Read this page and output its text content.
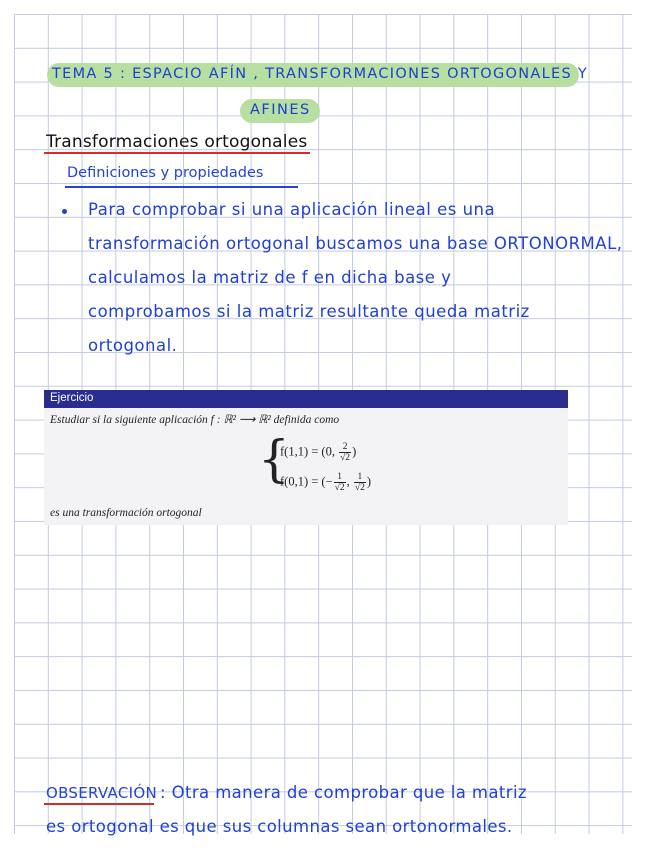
TEMA 5 : ESPACIO AFÍN , TRANSFORMACIONES ORTOGONALES Y
AFINES
Transformaciones ortogonales
Definiciones y propiedades
Para comprobar si una aplicación lineal es una
transformación ortogonal buscamos una base ORTONORMAL,
calculamos la matriz de f en dicha base y
comprobamos si la matriz resultante queda matriz
ortogonal.
Ejercicio
Estudiar si la siguiente aplicación f : ℝ² ⟶ ℝ² definida como
{
f(1,1) = (0, $\frac{2}{√2}$ )
f(0,1) = (− $\frac{1}{√2}$ , $\frac{1}{√2}$ )
es una transformación ortogonal
OBSERVACIÓN : Otra manera de comprobar que la matriz
es ortogonal es que sus columnas sean ortonormales.
